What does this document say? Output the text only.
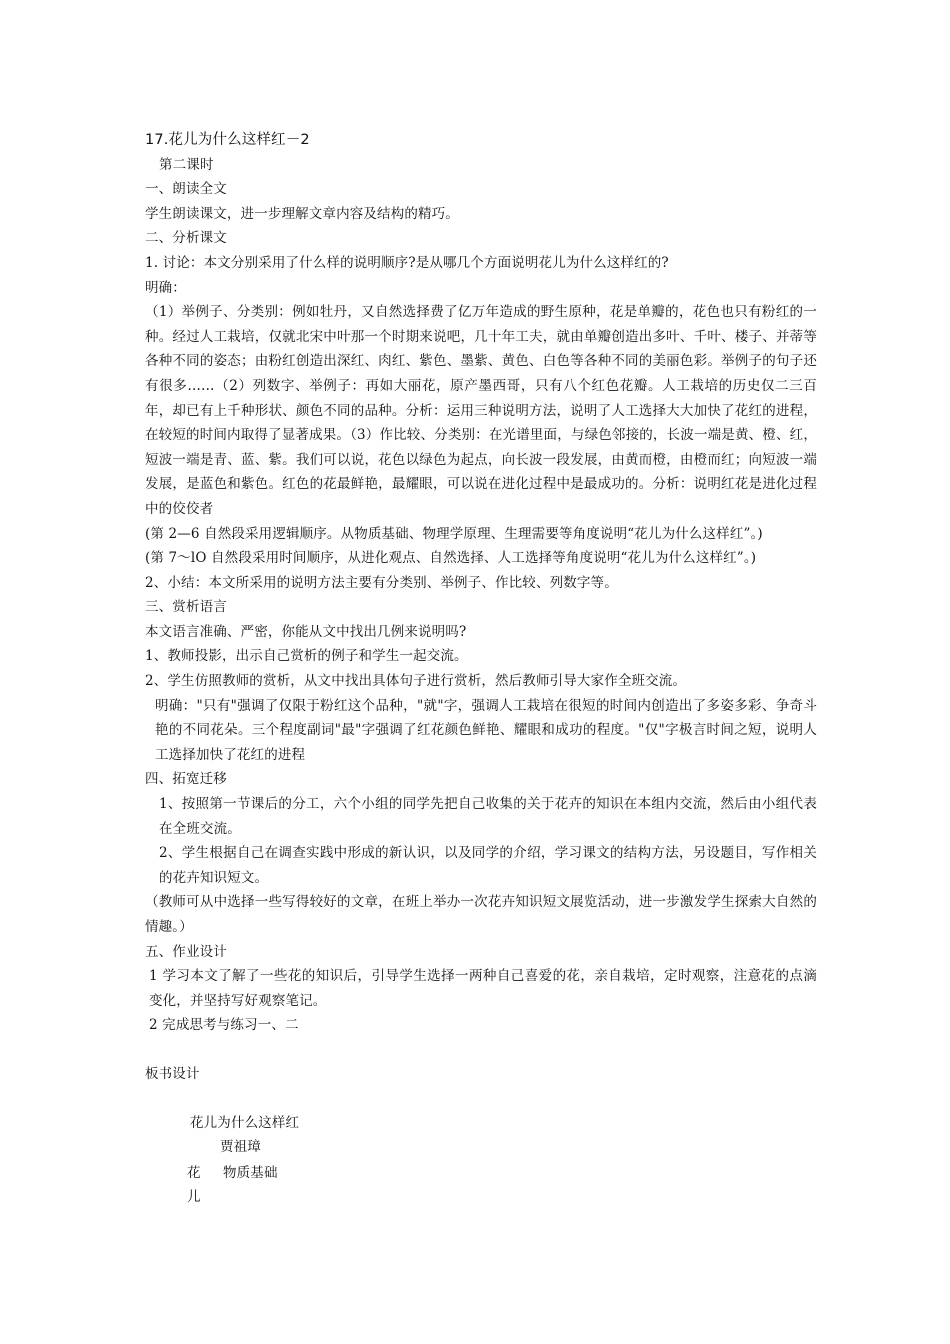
17.花儿为什么这样红－2

第二课时

一、朗读全文

学生朗读课文，进一步理解文章内容及结构的精巧。

二、分析课文

1. 讨论：本文分别采用了什么样的说明顺序?是从哪几个方面说明花儿为什么这样红的?

明确：

（1）举例子、分类别：例如牡丹，又自然选择费了亿万年造成的野生原种，花是单瓣的，花色也只有粉红的一种。经过人工栽培，仅就北宋中叶那一个时期来说吧，几十年工夫，就由单瓣创造出多叶、千叶、楼子、并蒂等各种不同的姿态；由粉红创造出深红、肉红、紫色、墨紫、黄色、白色等各种不同的美丽色彩。举例子的句子还有很多……（2）列数字、举例子：再如大丽花，原产墨西哥，只有八个红色花瓣。人工栽培的历史仅二三百年，却已有上千种形状、颜色不同的品种。分析：运用三种说明方法，说明了人工选择大大加快了花红的进程，在较短的时间内取得了显著成果。（3）作比较、分类别：在光谱里面，与绿色邻接的，长波一端是黄、橙、红，短波一端是青、蓝、紫。我们可以说，花色以绿色为起点，向长波一段发展，由黄而橙，由橙而红；向短波一端发展，是蓝色和紫色。红色的花最鲜艳，最耀眼，可以说在进化过程中是最成功的。分析：说明红花是进化过程中的佼佼者

(第 2—6 自然段采用逻辑顺序。从物质基础、物理学原理、生理需要等角度说明“花儿为什么这样红”。)

(第 7～lO 自然段采用时间顺序，从进化观点、自然选择、人工选择等角度说明“花儿为什么这样红”。)

2、小结：本文所采用的说明方法主要有分类别、举例子、作比较、列数字等。

三、赏析语言

本文语言准确、严密，你能从文中找出几例来说明吗?

1、教师投影，出示自己赏析的例子和学生一起交流。

2、学生仿照教师的赏析，从文中找出具体句子进行赏析，然后教师引导大家作全班交流。

明确："只有"强调了仅限于粉红这个品种，"就"字，强调人工栽培在很短的时间内创造出了多姿多彩、争奇斗艳的不同花朵。三个程度副词"最"字强调了红花颜色鲜艳、耀眼和成功的程度。"仅"字极言时间之短，说明人工选择加快了花红的进程

四、拓宽迁移

1、按照第一节课后的分工，六个小组的同学先把自己收集的关于花卉的知识在本组内交流，然后由小组代表在全班交流。

2、学生根据自己在调查实践中形成的新认识，以及同学的介绍，学习课文的结构方法，另设题目，写作相关的花卉知识短文。

（教师可从中选择一些写得较好的文章，在班上举办一次花卉知识短文展览活动，进一步激发学生探索大自然的情趣。）

五、作业设计

1 学习本文了解了一些花的知识后，引导学生选择一两种自己喜爱的花，亲自栽培，定时观察，注意花的点滴变化，并坚持写好观察笔记。

2 完成思考与练习一、二

板书设计

花儿为什么这样红
贾祖璋
花 物质基础
儿
